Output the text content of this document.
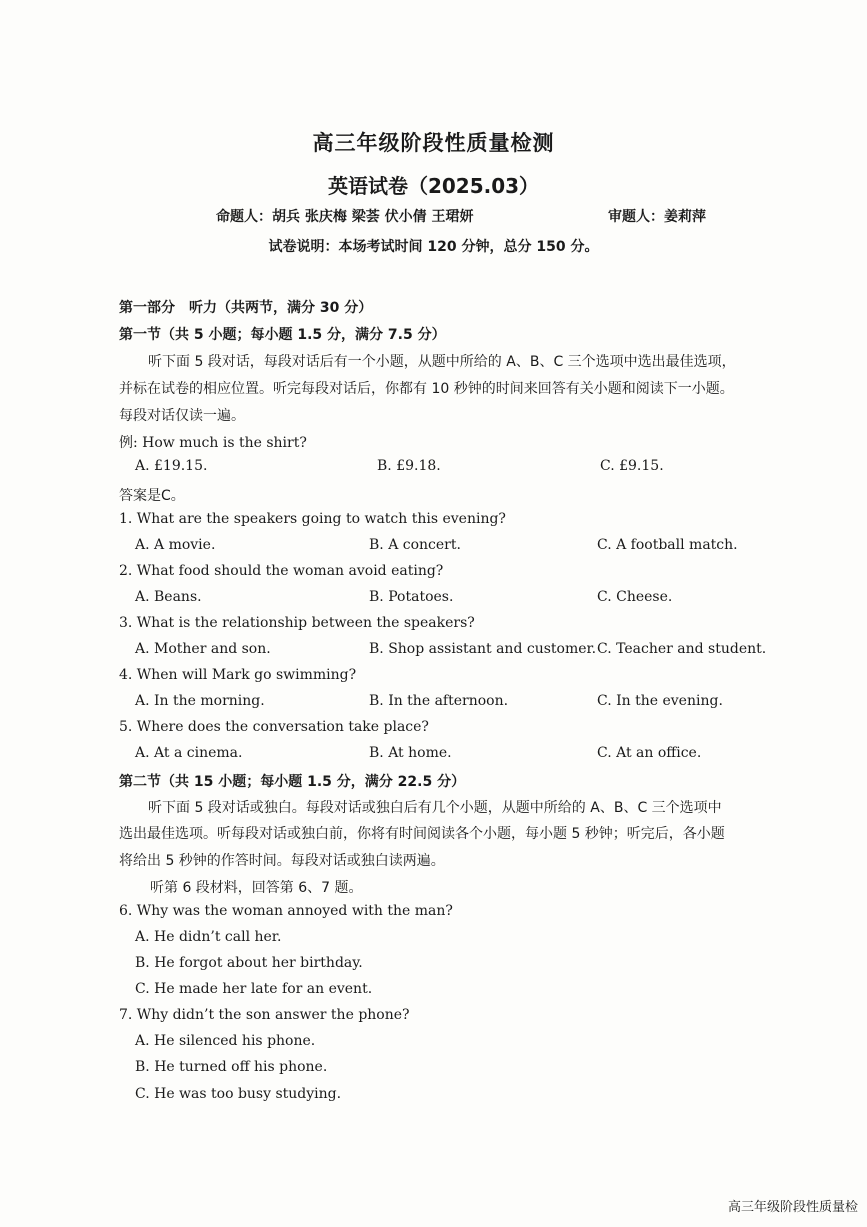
高三年级阶段性质量检测
英语试卷（2025.03）
命题人：胡兵 张庆梅 梁荟 伏小倩 王珺妍	审题人：姜莉萍
试卷说明：本场考试时间 120 分钟，总分 150 分。
第一部分　听力（共两节，满分 30 分）
第一节（共 5 小题；每小题 1.5 分，满分 7.5 分）
听下面 5 段对话，每段对话后有一个小题，从题中所给的 A、B、C 三个选项中选出最佳选项，
并标在试卷的相应位置。听完每段对话后，你都有 10 秒钟的时间来回答有关小题和阅读下一小题。
每段对话仅读一遍。
例: How much is the shirt?
A. £19.15.	B. £9.18.	C. £9.15.
答案是C。
1. What are the speakers going to watch this evening?
A. A movie.	B. A concert.	C. A football match.
2. What food should the woman avoid eating?
A. Beans.	B. Potatoes.	C. Cheese.
3. What is the relationship between the speakers?
A. Mother and son.	B. Shop assistant and customer. C. Teacher and student.
4. When will Mark go swimming?
A. In the morning.	B. In the afternoon.	C. In the evening.
5. Where does the conversation take place?
A. At a cinema.	B. At home.	C. At an office.
第二节（共 15 小题；每小题 1.5 分，满分 22.5 分）
听下面 5 段对话或独白。每段对话或独白后有几个小题，从题中所给的 A、B、C 三个选项中
选出最佳选项。听每段对话或独白前，你将有时间阅读各个小题，每小题 5 秒钟；听完后，各小题
将给出 5 秒钟的作答时间。每段对话或独白读两遍。
听第 6 段材料，回答第 6、7 题。
6. Why was the woman annoyed with the man?
A. He didn’t call her.
B. He forgot about her birthday.
C. He made her late for an event.
7. Why didn’t the son answer the phone?
A. He silenced his phone.
B. He turned off his phone.
C. He was too busy studying.
高三年级阶段性质量检
